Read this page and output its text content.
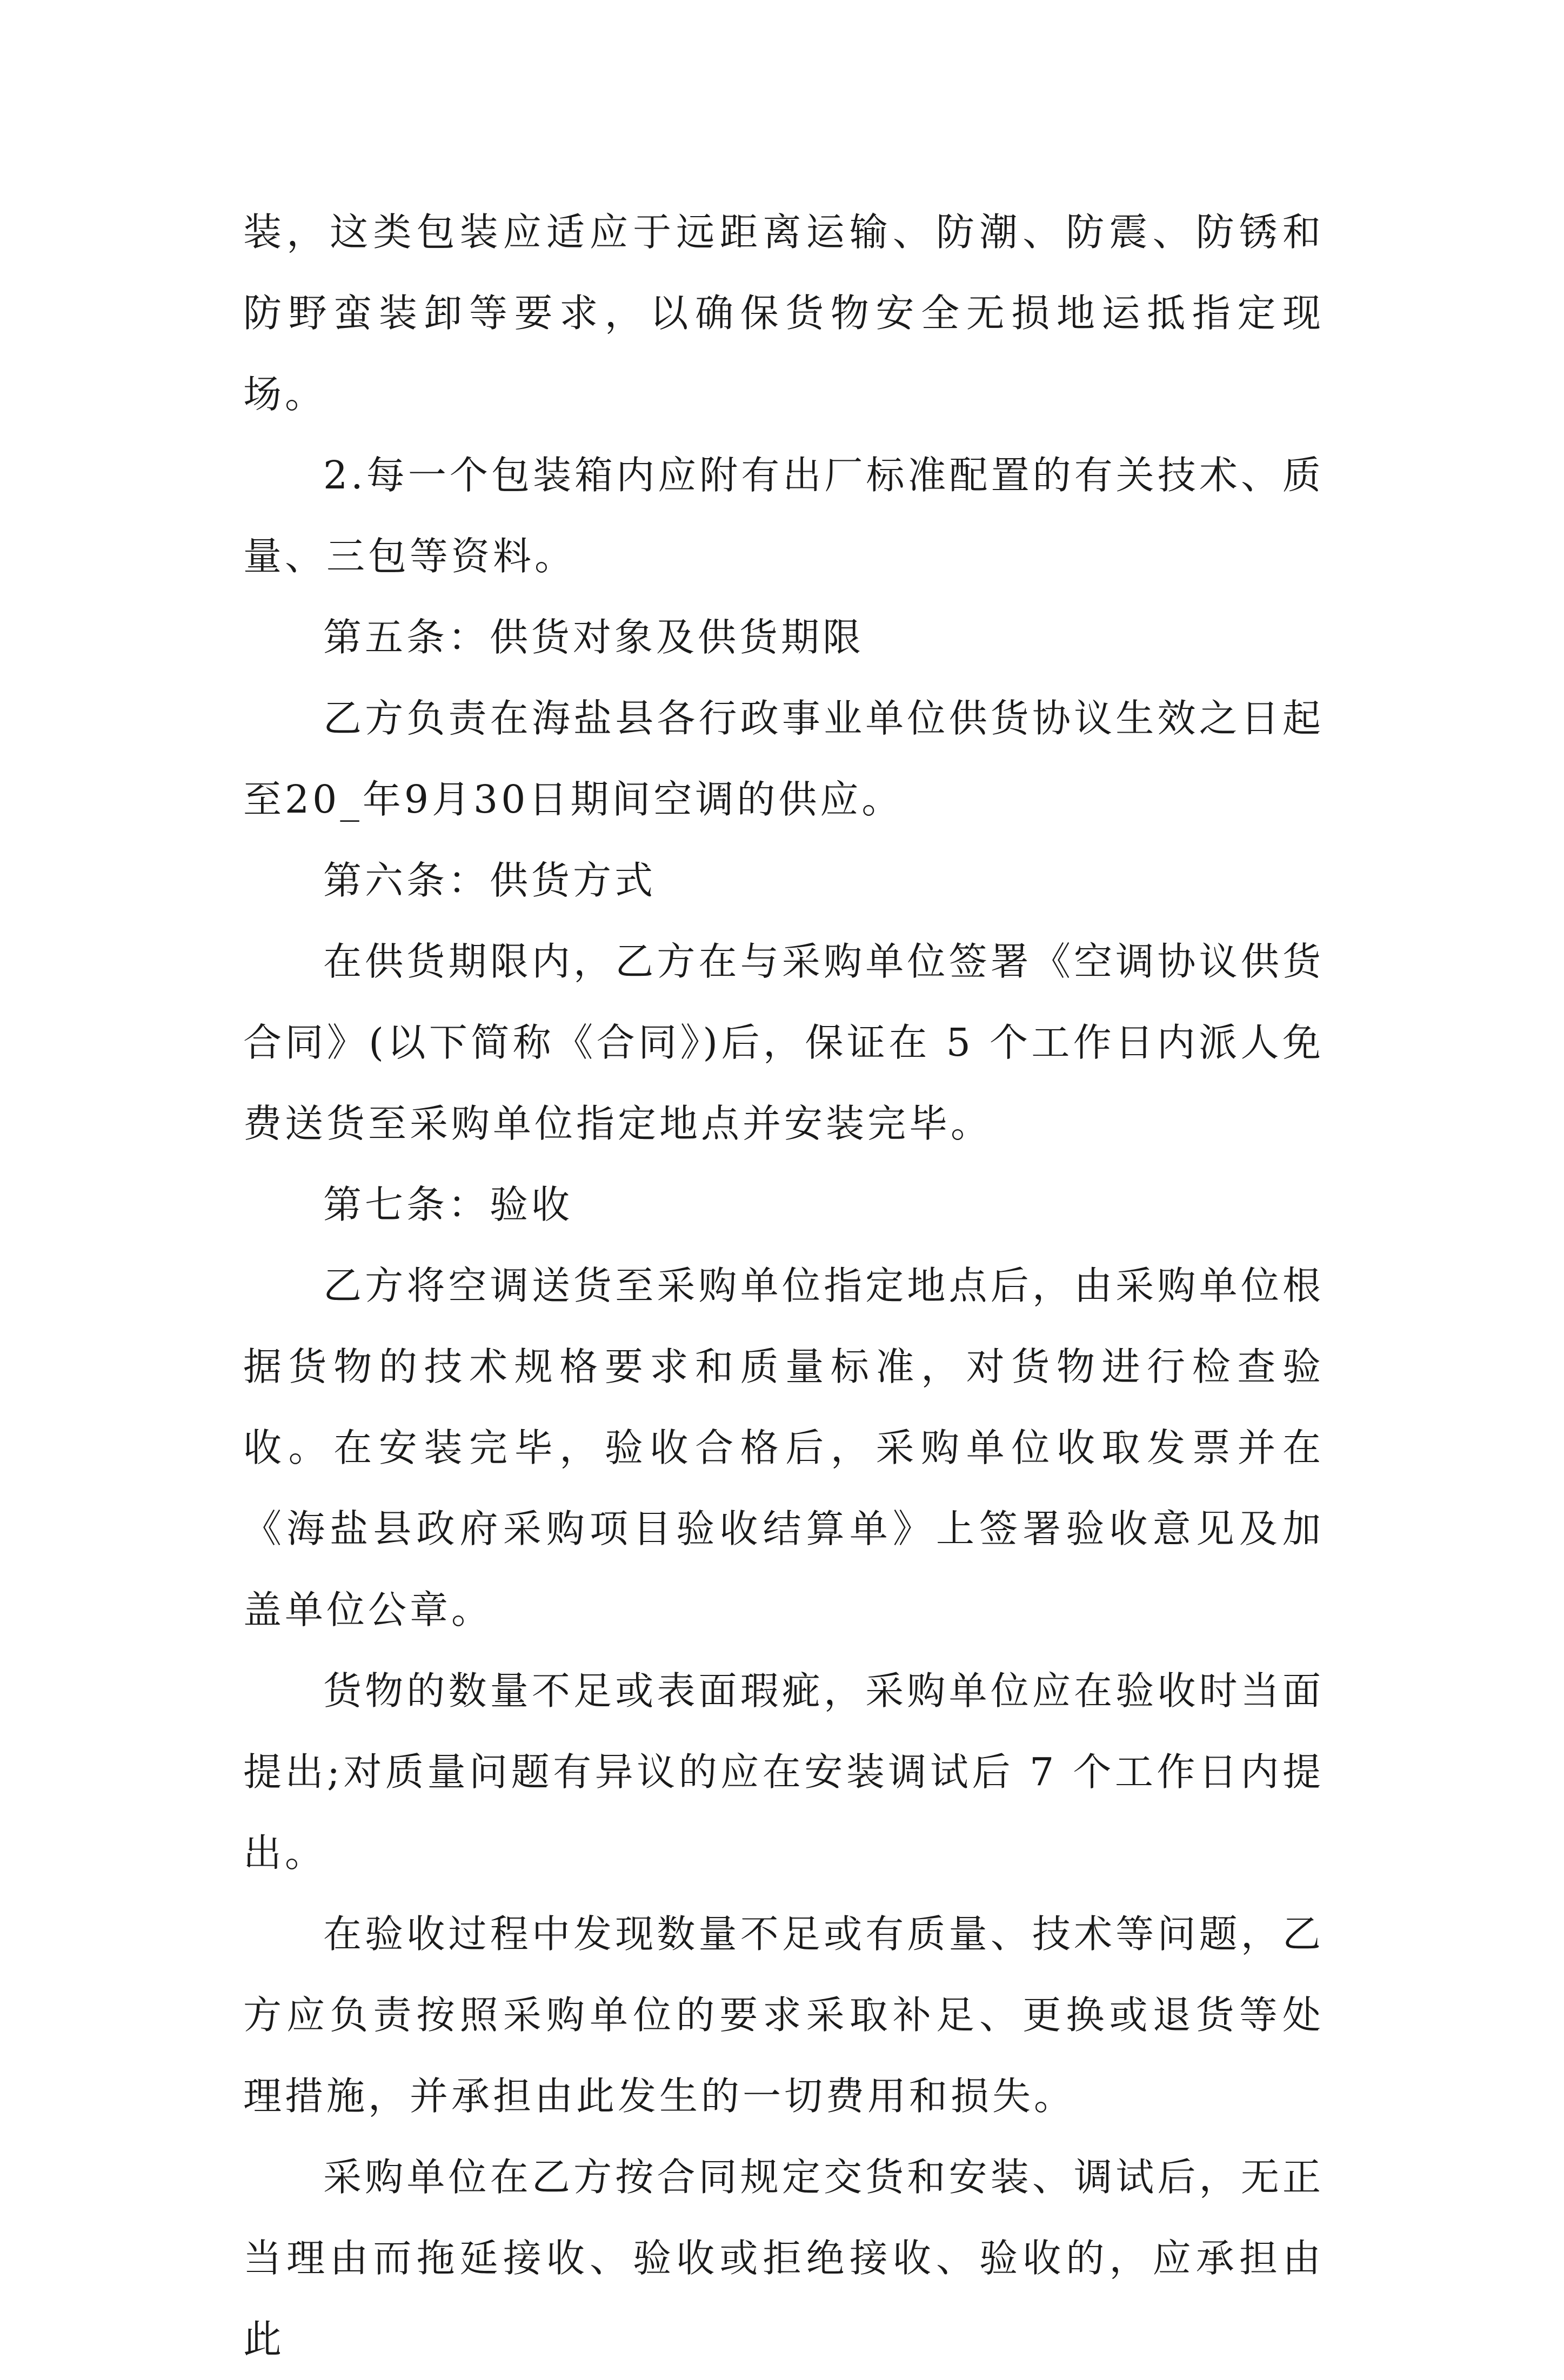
装，这类包装应适应于远距离运输、防潮、防震、防锈和防野蛮装卸等要求，以确保货物安全无损地运抵指定现场。

2.每一个包装箱内应附有出厂标准配置的有关技术、质量、三包等资料。

第五条：供货对象及供货期限

乙方负责在海盐县各行政事业单位供货协议生效之日起至20_年9月30日期间空调的供应。

第六条：供货方式

在供货期限内，乙方在与采购单位签署《空调协议供货合同》(以下简称《合同》)后，保证在 5 个工作日内派人免费送货至采购单位指定地点并安装完毕。

第七条：验收

乙方将空调送货至采购单位指定地点后，由采购单位根据货物的技术规格要求和质量标准，对货物进行检查验收。在安装完毕，验收合格后，采购单位收取发票并在《海盐县政府采购项目验收结算单》上签署验收意见及加盖单位公章。

货物的数量不足或表面瑕疵，采购单位应在验收时当面提出;对质量问题有异议的应在安装调试后 7 个工作日内提出。

在验收过程中发现数量不足或有质量、技术等问题，乙方应负责按照采购单位的要求采取补足、更换或退货等处理措施，并承担由此发生的一切费用和损失。

采购单位在乙方按合同规定交货和安装、调试后，无正当理由而拖延接收、验收或拒绝接收、验收的，应承担由此
